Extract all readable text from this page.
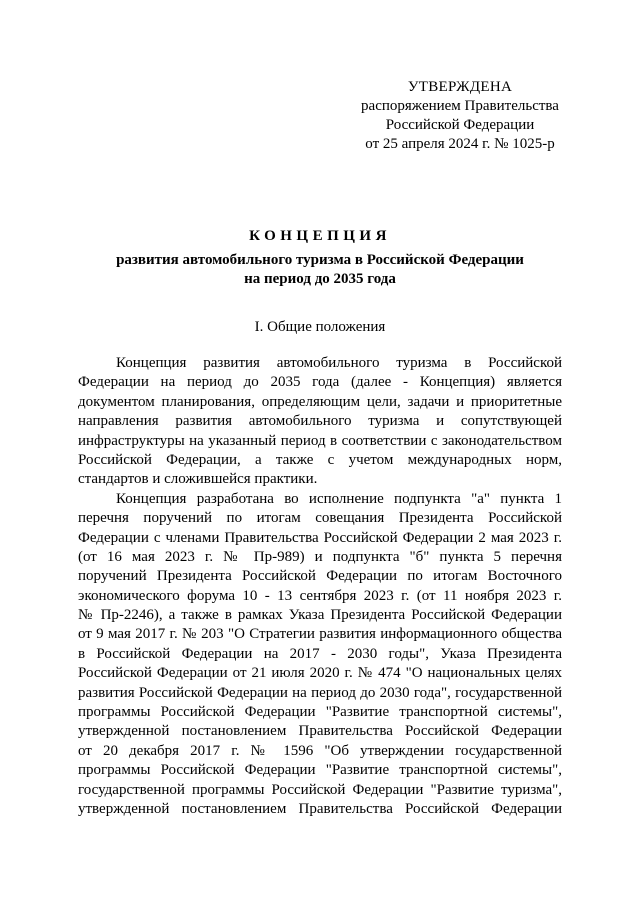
УТВЕРЖДЕНА
распоряжением Правительства
Российской Федерации
от 25 апреля 2024 г. № 1025-р
КОНЦЕПЦИЯ
развития автомобильного туризма в Российской Федерации
на период до 2035 года
I. Общие положения
Концепция развития автомобильного туризма в Российской
Федерации на период до 2035 года (далее - Концепция) является
документом планирования, определяющим цели, задачи и приоритетные
направления развития автомобильного туризма и сопутствующей
инфраструктуры на указанный период в соответствии с законодательством
Российской Федерации, а также с учетом международных норм,
стандартов и сложившейся практики.
Концепция разработана во исполнение подпункта "а" пункта 1
перечня поручений по итогам совещания Президента Российской
Федерации с членами Правительства Российской Федерации 2 мая 2023 г.
(от 16 мая 2023 г. № Пр-989) и подпункта "б" пункта 5 перечня
поручений Президента Российской Федерации по итогам Восточного
экономического форума 10 - 13 сентября 2023 г. (от 11 ноября 2023 г.
№ Пр-2246), а также в рамках Указа Президента Российской Федерации
от 9 мая 2017 г. № 203 "О Стратегии развития информационного общества
в Российской Федерации на 2017 - 2030 годы", Указа Президента
Российской Федерации от 21 июля 2020 г. № 474 "О национальных целях
развития Российской Федерации на период до 2030 года", государственной
программы Российской Федерации "Развитие транспортной системы",
утвержденной постановлением Правительства Российской Федерации
от 20 декабря 2017 г. № 1596 "Об утверждении государственной
программы Российской Федерации "Развитие транспортной системы",
государственной программы Российской Федерации "Развитие туризма",
утвержденной постановлением Правительства Российской Федерации
